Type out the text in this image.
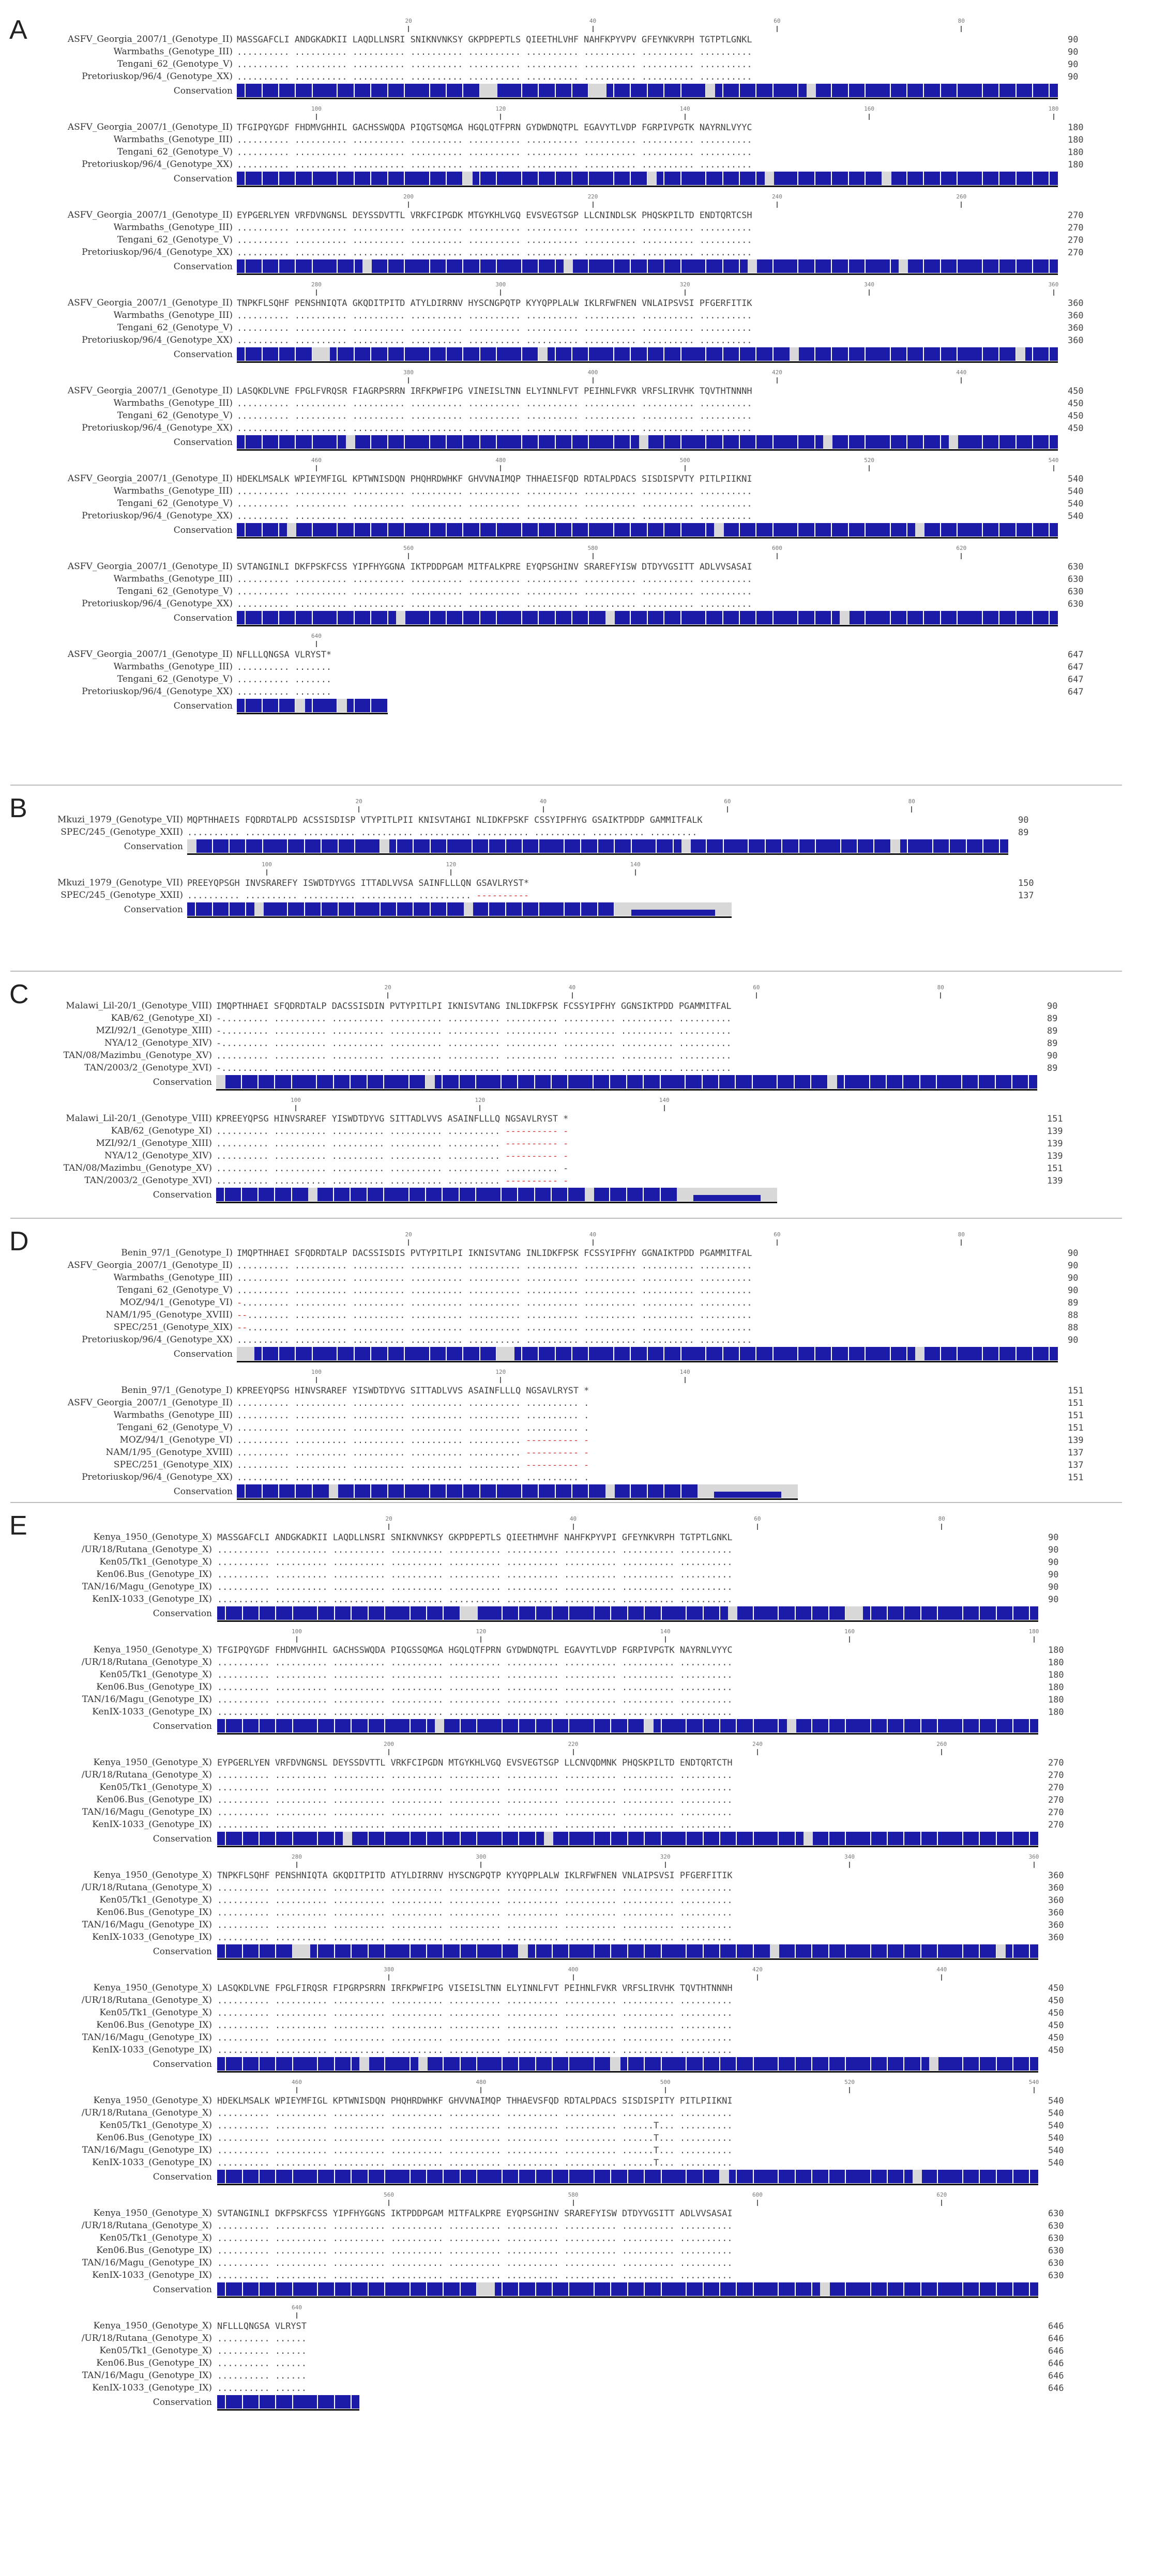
A	20	40	60	80
ASFV_Georgia_2007/1_(Genotype_II) MASSGAFCLI ANDGKADKII LAQDLLNSRI SNIKNVNKSY GKPDPEPTLS QIEETHLVHF NAHFKPYVPV GFEYNKVRPH TGTPTLGNKL	90
Warmbaths_(Genotype_III) .......... .......... .......... .......... .......... .......... .......... .......... ..........	90
Tengani_62_(Genotype_V) .......... .......... .......... .......... .......... .......... .......... .......... ..........	90
Pretoriuskop/96/4_(Genotype_XX) .......... .......... .......... .......... .......... .......... .......... .......... ..........	90
Conservation
100	120	140	160	180
ASFV_Georgia_2007/1_(Genotype_II) TFGIPQYGDF FHDMVGHHIL GACHSSWQDA PIQGTSQMGA HGQLQTFPRN GYDWDNQTPL EGAVYTLVDP FGRPIVPGTK NAYRNLVYYC	180
Warmbaths_(Genotype_III) .......... .......... .......... .......... .......... .......... .......... .......... ..........	180
Tengani_62_(Genotype_V) .......... .......... .......... .......... .......... .......... .......... .......... ..........	180
Pretoriuskop/96/4_(Genotype_XX) .......... .......... .......... .......... .......... .......... .......... .......... ..........	180
Conservation
200	220	240	260
ASFV_Georgia_2007/1_(Genotype_II) EYPGERLYEN VRFDVNGNSL DEYSSDVTTL VRKFCIPGDK MTGYKHLVGQ EVSVEGTSGP LLCNINDLSK PHQSKPILTD ENDTQRTCSH	270
Warmbaths_(Genotype_III) .......... .......... .......... .......... .......... .......... .......... .......... ..........	270
Tengani_62_(Genotype_V) .......... .......... .......... .......... .......... .......... .......... .......... ..........	270
Pretoriuskop/96/4_(Genotype_XX) .......... .......... .......... .......... .......... .......... .......... .......... ..........	270
Conservation
280	300	320	340	360
ASFV_Georgia_2007/1_(Genotype_II) TNPKFLSQHF PENSHNIQTA GKQDITPITD ATYLDIRRNV HYSCNGPQTP KYYQPPLALW IKLRFWFNEN VNLAIPSVSI PFGERFITIK	360
Warmbaths_(Genotype_III) .......... .......... .......... .......... .......... .......... .......... .......... ..........	360
Tengani_62_(Genotype_V) .......... .......... .......... .......... .......... .......... .......... .......... ..........	360
Pretoriuskop/96/4_(Genotype_XX) .......... .......... .......... .......... .......... .......... .......... .......... ..........	360
Conservation
380	400	420	440
ASFV_Georgia_2007/1_(Genotype_II) LASQKDLVNE FPGLFVRQSR FIAGRPSRRN IRFKPWFIPG VINEISLTNN ELYINNLFVT PEIHNLFVKR VRFSLIRVHK TQVTHTNNNH	450
Warmbaths_(Genotype_III) .......... .......... .......... .......... .......... .......... .......... .......... ..........	450
Tengani_62_(Genotype_V) .......... .......... .......... .......... .......... .......... .......... .......... ..........	450
Pretoriuskop/96/4_(Genotype_XX) .......... .......... .......... .......... .......... .......... .......... .......... ..........	450
Conservation
460	480	500	520	540
ASFV_Georgia_2007/1_(Genotype_II) HDEKLMSALK WPIEYMFIGL KPTWNISDQN PHQHRDWHKF GHVVNAIMQP THHAEISFQD RDTALPDACS SISDISPVTY PITLPIIKNI	540
Warmbaths_(Genotype_III) .......... .......... .......... .......... .......... .......... .......... .......... ..........	540
Tengani_62_(Genotype_V) .......... .......... .......... .......... .......... .......... .......... .......... ..........	540
Pretoriuskop/96/4_(Genotype_XX) .......... .......... .......... .......... .......... .......... .......... .......... ..........	540
Conservation
560	580	600	620
ASFV_Georgia_2007/1_(Genotype_II) SVTANGINLI DKFPSKFCSS YIPFHYGGNA IKTPDDPGAM MITFALKPRE EYQPSGHINV SRAREFYISW DTDYVGSITT ADLVVSASAI	630
Warmbaths_(Genotype_III) .......... .......... .......... .......... .......... .......... .......... .......... ..........	630
Tengani_62_(Genotype_V) .......... .......... .......... .......... .......... .......... .......... .......... ..........	630
Pretoriuskop/96/4_(Genotype_XX) .......... .......... .......... .......... .......... .......... .......... .......... ..........	630
Conservation
640
ASFV_Georgia_2007/1_(Genotype_II) NFLLLQNGSA VLRYST*	647
Warmbaths_(Genotype_III) .......... .......	647
Tengani_62_(Genotype_V) .......... .......	647
Pretoriuskop/96/4_(Genotype_XX) .......... .......	647
Conservation
B	20	40	60	80
Mkuzi_1979_(Genotype_VII) MQPTHHAEIS FQDRDTALPD ACSSISDISP VTYPITLPII KNISVTAHGI NLIDKFPSKF CSSYIPFHYG GSAIKTPDDP GAMMITFALK	90
SPEC/245_(Genotype_XXII) .......... .......... .......... .......... .......... .......... .......... .......... .........	89
Conservation
100	120	140
Mkuzi_1979_(Genotype_VII) PREEYQPSGH INVSRAREFY ISWDTDYVGS ITTADLVVSA SAINFLLLQN GSAVLRYST*	150
SPEC/245_(Genotype_XXII) .......... .......... .......... .......... .......... ----------	137
Conservation
C	20	40	60	80
Malawi_Lil-20/1_(Genotype_VIII) IMQPTHHAEI SFQDRDTALP DACSSISDIN PVTYPITLPI IKNISVTANG INLIDKFPSK FCSSYIPFHY GGNSIKTPDD PGAMMITFAL	90
KAB/62_(Genotype_XI) -......... .......... .......... .......... .......... .......... .......... .......... ..........	89
MZI/92/1_(Genotype_XIII) -......... .......... .......... .......... .......... .......... .......... .......... ..........	89
NYA/12_(Genotype_XIV) -......... .......... .......... .......... .......... .......... .......... .......... ..........	89
TAN/08/Mazimbu_(Genotype_XV) .......... .......... .......... .......... .......... .......... .......... .......... ..........	90
TAN/2003/2_(Genotype_XVI) -......... .......... .......... .......... .......... .......... .......... .......... ..........	89
Conservation
100	120	140
Malawi_Lil-20/1_(Genotype_VIII) KPREEYQPSG HINVSRAREF YISWDTDYVG SITTADLVVS ASAINFLLLQ NGSAVLRYST *	151
KAB/62_(Genotype_XI) .......... .......... .......... .......... .......... ---------- -	139
MZI/92/1_(Genotype_XIII) .......... .......... .......... .......... .......... ---------- -	139
NYA/12_(Genotype_XIV) .......... .......... .......... .......... .......... ---------- -	139
TAN/08/Mazimbu_(Genotype_XV) .......... .......... .......... .......... .......... .......... -	151
TAN/2003/2_(Genotype_XVI) .......... .......... .......... .......... .......... ---------- -	139
Conservation
D	20	40	60	80
Benin_97/1_(Genotype_I) IMQPTHHAEI SFQDRDTALP DACSSISDIS PVTYPITLPI IKNISVTANG INLIDKFPSK FCSSYIPFHY GGNAIKTPDD PGAMMITFAL	90
ASFV_Georgia_2007/1_(Genotype_II) .......... .......... .......... .......... .......... .......... .......... .......... ..........	90
Warmbaths_(Genotype_III) .......... .......... .......... .......... .......... .......... .......... .......... ..........	90
Tengani_62_(Genotype_V) .......... .......... .......... .......... .......... .......... .......... .......... ..........	90
MOZ/94/1_(Genotype_VI) -......... .......... .......... .......... .......... .......... .......... .......... ..........	89
NAM/1/95_(Genotype_XVIII) --........ .......... .......... .......... .......... .......... .......... .......... ..........	88
SPEC/251_(Genotype_XIX) --........ .......... .......... .......... .......... .......... .......... .......... ..........	88
Pretoriuskop/96/4_(Genotype_XX) .......... .......... .......... .......... .......... .......... .......... .......... ..........	90
Conservation
100	120	140
Benin_97/1_(Genotype_I) KPREEYQPSG HINVSRAREF YISWDTDYVG SITTADLVVS ASAINFLLLQ NGSAVLRYST *	151
ASFV_Georgia_2007/1_(Genotype_II) .......... .......... .......... .......... .......... .......... .	151
Warmbaths_(Genotype_III) .......... .......... .......... .......... .......... .......... .	151
Tengani_62_(Genotype_V) .......... .......... .......... .......... .......... .......... .	151
MOZ/94/1_(Genotype_VI) .......... .......... .......... .......... .......... ---------- -	139
NAM/1/95_(Genotype_XVIII) .......... .......... .......... .......... .......... ---------- -	137
SPEC/251_(Genotype_XIX) .......... .......... .......... .......... .......... ---------- -	137
Pretoriuskop/96/4_(Genotype_XX) .......... .......... .......... .......... .......... .......... .	151
Conservation
E	20	40	60	80
Kenya_1950_(Genotype_X) MASSGAFCLI ANDGKADKII LAQDLLNSRI SNIKNVNKSY GKPDPEPTLS QIEETHMVHF NAHFKPYVPI GFEYNKVRPH TGTPTLGNKL	90
/UR/18/Rutana_(Genotype_X) .......... .......... .......... .......... .......... .......... .......... .......... ..........	90
Ken05/Tk1_(Genotype_X) .......... .......... .......... .......... .......... .......... .......... .......... ..........	90
Ken06.Bus_(Genotype_IX) .......... .......... .......... .......... .......... .......... .......... .......... ..........	90
TAN/16/Magu_(Genotype_IX) .......... .......... .......... .......... .......... .......... .......... .......... ..........	90
KenIX-1033_(Genotype_IX) .......... .......... .......... .......... .......... .......... .......... .......... ..........	90
Conservation
100	120	140	160	180
Kenya_1950_(Genotype_X) TFGIPQYGDF FHDMVGHHIL GACHSSWQDA PIQGSSQMGA HGQLQTFPRN GYDWDNQTPL EGAVYTLVDP FGRPIVPGTK NAYRNLVYYC	180
/UR/18/Rutana_(Genotype_X) .......... .......... .......... .......... .......... .......... .......... .......... ..........	180
Ken05/Tk1_(Genotype_X) .......... .......... .......... .......... .......... .......... .......... .......... ..........	180
Ken06.Bus_(Genotype_IX) .......... .......... .......... .......... .......... .......... .......... .......... ..........	180
TAN/16/Magu_(Genotype_IX) .......... .......... .......... .......... .......... .......... .......... .......... ..........	180
KenIX-1033_(Genotype_IX) .......... .......... .......... .......... .......... .......... .......... .......... ..........	180
Conservation
200	220	240	260
Kenya_1950_(Genotype_X) EYPGERLYEN VRFDVNGNSL DEYSSDVTTL VRKFCIPGDN MTGYKHLVGQ EVSVEGTSGP LLCNVQDMNK PHQSKPILTD ENDTQRTCTH	270
/UR/18/Rutana_(Genotype_X) .......... .......... .......... .......... .......... .......... .......... .......... ..........	270
Ken05/Tk1_(Genotype_X) .......... .......... .......... .......... .......... .......... .......... .......... ..........	270
Ken06.Bus_(Genotype_IX) .......... .......... .......... .......... .......... .......... .......... .......... ..........	270
TAN/16/Magu_(Genotype_IX) .......... .......... .......... .......... .......... .......... .......... .......... ..........	270
KenIX-1033_(Genotype_IX) .......... .......... .......... .......... .......... .......... .......... .......... ..........	270
Conservation
280	300	320	340	360
Kenya_1950_(Genotype_X) TNPKFLSQHF PENSHNIQTA GKQDITPITD ATYLDIRRNV HYSCNGPQTP KYYQPPLALW IKLRFWFNEN VNLAIPSVSI PFGERFITIK	360
/UR/18/Rutana_(Genotype_X) .......... .......... .......... .......... .......... .......... .......... .......... ..........	360
Ken05/Tk1_(Genotype_X) .......... .......... .......... .......... .......... .......... .......... .......... ..........	360
Ken06.Bus_(Genotype_IX) .......... .......... .......... .......... .......... .......... .......... .......... ..........	360
TAN/16/Magu_(Genotype_IX) .......... .......... .......... .......... .......... .......... .......... .......... ..........	360
KenIX-1033_(Genotype_IX) .......... .......... .......... .......... .......... .......... .......... .......... ..........	360
Conservation
380	400	420	440
Kenya_1950_(Genotype_X) LASQKDLVNE FPGLFIRQSR FIPGRPSRRN IRFKPWFIPG VISEISLTNN ELYINNLFVT PEIHNLFVKR VRFSLIRVHK TQVTHTNNNH	450
/UR/18/Rutana_(Genotype_X) .......... .......... .......... .......... .......... .......... .......... .......... ..........	450
Ken05/Tk1_(Genotype_X) .......... .......... .......... .......... .......... .......... .......... .......... ..........	450
Ken06.Bus_(Genotype_IX) .......... .......... .......... .......... .......... .......... .......... .......... ..........	450
TAN/16/Magu_(Genotype_IX) .......... .......... .......... .......... .......... .......... .......... .......... ..........	450
KenIX-1033_(Genotype_IX) .......... .......... .......... .......... .......... .......... .......... .......... ..........	450
Conservation
460	480	500	520	540
Kenya_1950_(Genotype_X) HDEKLMSALK WPIEYMFIGL KPTWNISDQN PHQHRDWHKF GHVVNAIMQP THHAEVSFQD RDTALPDACS SISDISPITY PITLPIIKNI	540
/UR/18/Rutana_(Genotype_X) .......... .......... .......... .......... .......... .......... .......... .......... ..........	540
Ken05/Tk1_(Genotype_X) .......... .......... .......... .......... .......... .......... .......... ......T... ..........	540
Ken06.Bus_(Genotype_IX) .......... .......... .......... .......... .......... .......... .......... ......T... ..........	540
TAN/16/Magu_(Genotype_IX) .......... .......... .......... .......... .......... .......... .......... ......T... ..........	540
KenIX-1033_(Genotype_IX) .......... .......... .......... .......... .......... .......... .......... ......T... ..........	540
Conservation
560	580	600	620
Kenya_1950_(Genotype_X) SVTANGINLI DKFPSKFCSS YIPFHYGGNS IKTPDDPGAM MITFALKPRE EYQPSGHINV SRAREFYISW DTDYVGSITT ADLVVSASAI	630
/UR/18/Rutana_(Genotype_X) .......... .......... .......... .......... .......... .......... .......... .......... ..........	630
Ken05/Tk1_(Genotype_X) .......... .......... .......... .......... .......... .......... .......... .......... ..........	630
Ken06.Bus_(Genotype_IX) .......... .......... .......... .......... .......... .......... .......... .......... ..........	630
TAN/16/Magu_(Genotype_IX) .......... .......... .......... .......... .......... .......... .......... .......... ..........	630
KenIX-1033_(Genotype_IX) .......... .......... .......... .......... .......... .......... .......... .......... ..........	630
Conservation
640
Kenya_1950_(Genotype_X) NFLLLQNGSA VLRYST	646
/UR/18/Rutana_(Genotype_X) .......... ......	646
Ken05/Tk1_(Genotype_X) .......... ......	646
Ken06.Bus_(Genotype_IX) .......... ......	646
TAN/16/Magu_(Genotype_IX) .......... ......	646
KenIX-1033_(Genotype_IX) .......... ......	646
Conservation
